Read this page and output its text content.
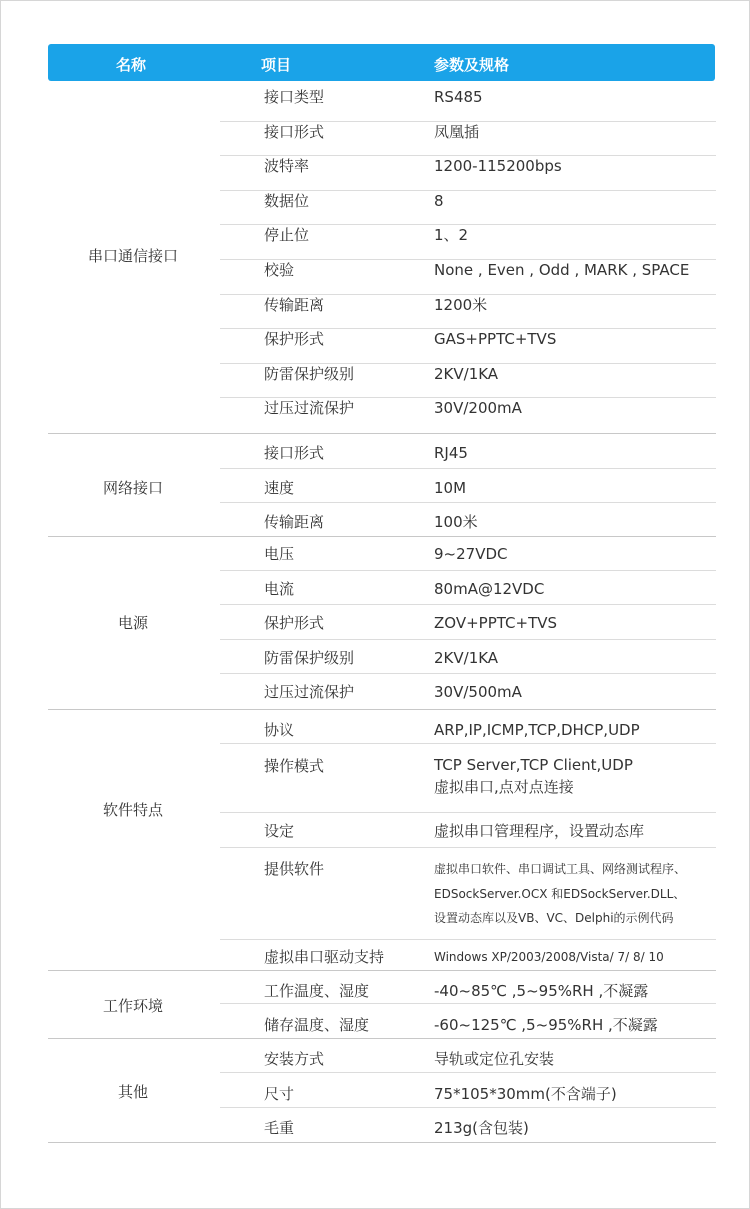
名称	项目	参数及规格
串口通信接口
接口类型	RS485
接口形式	凤凰插
波特率	1200-115200bps
数据位	8
停止位	1、2
校验	None , Even , Odd , MARK , SPACE
传输距离	1200米
保护形式	GAS+PPTC+TVS
防雷保护级别	2KV/1KA
过压过流保护	30V/200mA
网络接口
接口形式	RJ45
速度	10M
传输距离	100米
电源
电压	9~27VDC
电流	80mA@12VDC
保护形式	ZOV+PPTC+TVS
防雷保护级别	2KV/1KA
过压过流保护	30V/500mA
软件特点
协议	ARP,IP,ICMP,TCP,DHCP,UDP
操作模式	TCP Server,TCP Client,UDP
虚拟串口,点对点连接
设定	虚拟串口管理程序，设置动态库
提供软件	虚拟串口软件、串口调试工具、网络测试程序、
EDSockServer.OCX 和EDSockServer.DLL、
设置动态库以及VB、VC、Delphi的示例代码
虚拟串口驱动支持	Windows XP/2003/2008/Vista/ 7/ 8/ 10
工作环境
工作温度、湿度	-40~85℃ ,5~95%RH ,不凝露
储存温度、湿度	-60~125℃ ,5~95%RH ,不凝露
其他
安装方式	导轨或定位孔安装
尺寸	75*105*30mm(不含端子)
毛重	213g(含包装)
